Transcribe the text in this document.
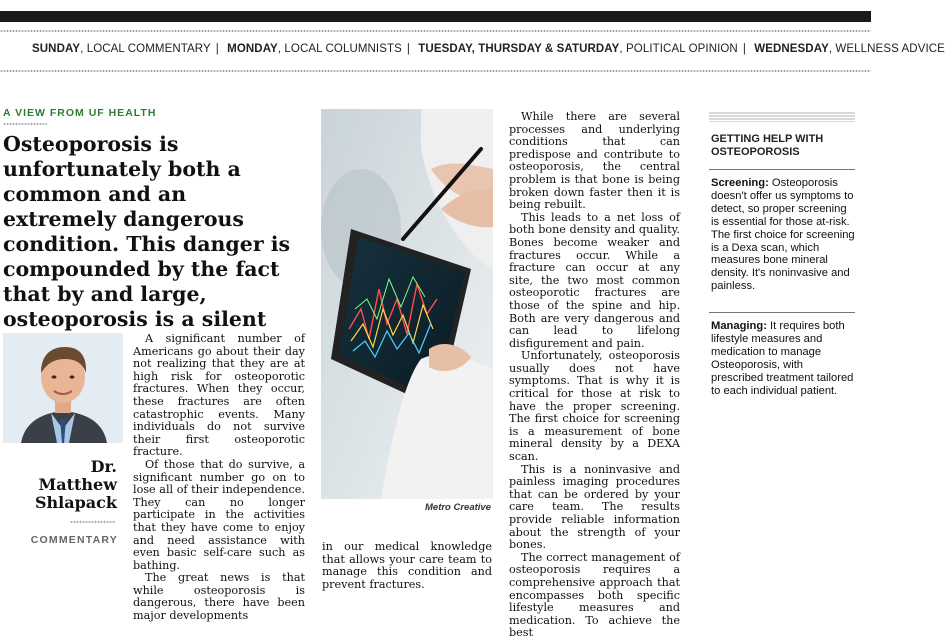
SUNDAY, LOCAL COMMENTARY | MONDAY, LOCAL COLUMNISTS | TUESDAY, THURSDAY & SATURDAY, POLITICAL OPINION | WEDNESDAY, WELLNESS ADVICE
A VIEW FROM UF HEALTH
Osteoporosis is unfortunately both a common and an extremely dangerous condition. This danger is compounded by the fact that by and large, osteoporosis is a silent
Dr.
Matthew
Shlapack
COMMENTARY

A significant number of Americans go about their day not realizing that they are at high risk for osteoporotic fractures. When they occur, these fractures are often catastrophic events. Many individuals do not survive their first osteoporotic fracture.

Of those that do survive, a significant number go on to lose all of their independence. They can no longer participate in the activities that they have come to enjoy and need assistance with even basic self-care such as bathing.

The great news is that while osteoporosis is dangerous, there have been major developments

Metro Creative

in our medical knowledge that allows your care team to manage this condition and prevent fractures.

While there are several processes and underlying conditions that can predispose and contribute to osteoporosis, the central problem is that bone is being broken down faster then it is being rebuilt.

This leads to a net loss of both bone density and quality. Bones become weaker and fractures occur. While a fracture can occur at any site, the two most common osteoporotic fractures are those of the spine and hip. Both are very dangerous and can lead to lifelong disfigurement and pain.

Unfortunately, osteoporosis usually does not have symptoms. That is why it is critical for those at risk to have the proper screening. The first choice for screening is a measurement of bone mineral density by a DEXA scan.

This is a noninvasive and painless imaging procedures that can be ordered by your care team. The results provide reliable information about the strength of your bones.

The correct management of osteoporosis requires a comprehensive approach that encompasses both specific lifestyle measures and medication. To achieve the best

GETTING HELP WITH OSTEOPOROSIS
Screening: Osteoporosis doesn't offer us symptoms to detect, so proper screening is essential for those at-risk. The first choice for screening is a Dexa scan, which measures bone mineral density. It's noninvasive and painless.
Managing: It requires both lifestyle measures and medication to manage Osteoporosis, with prescribed treatment tailored to each individual patient.
